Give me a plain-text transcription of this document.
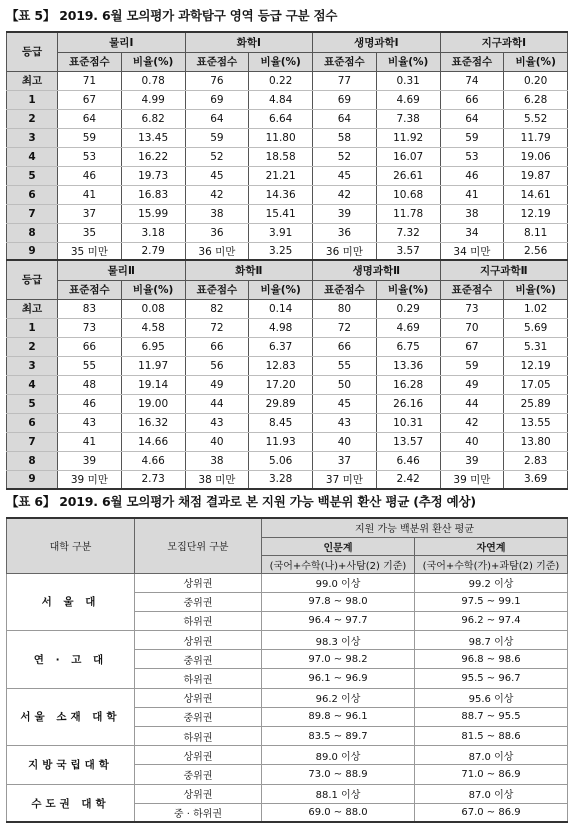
【표 5】 2019. 6월 모의평가 과학탐구 영역 등급 구분 점수
등급	물리Ⅰ		화학Ⅰ		생명과학Ⅰ		지구과학Ⅰ	
	표준점수	비율(%)	표준점수	비율(%)	표준점수	비율(%)	표준점수	비율(%)
최고	71	0.78	76	0.22	77	0.31	74	0.20
1	67	4.99	69	4.84	69	4.69	66	6.28
2	64	6.82	64	6.64	64	7.38	64	5.52
3	59	13.45	59	11.80	58	11.92	59	11.79
4	53	16.22	52	18.58	52	16.07	53	19.06
5	46	19.73	45	21.21	45	26.61	46	19.87
6	41	16.83	42	14.36	42	10.68	41	14.61
7	37	15.99	38	15.41	39	11.78	38	12.19
8	35	3.18	36	3.91	36	7.32	34	8.11
9	35 미만	2.79	36 미만	3.25	36 미만	3.57	34 미만	2.56
등급	물리Ⅱ		화학Ⅱ		생명과학Ⅱ		지구과학Ⅱ	
	표준점수	비율(%)	표준점수	비율(%)	표준점수	비율(%)	표준점수	비율(%)
최고	83	0.08	82	0.14	80	0.29	73	1.02
1	73	4.58	72	4.98	72	4.69	70	5.69
2	66	6.95	66	6.37	66	6.75	67	5.31
3	55	11.97	56	12.83	55	13.36	59	12.19
4	48	19.14	49	17.20	50	16.28	49	17.05
5	46	19.00	44	29.89	45	26.16	44	25.89
6	43	16.32	43	8.45	43	10.31	42	13.55
7	41	14.66	40	11.93	40	13.57	40	13.80
8	39	4.66	38	5.06	37	6.46	39	2.83
9	39 미만	2.73	38 미만	3.28	37 미만	2.42	39 미만	3.69
【표 6】 2019. 6월 모의평가 채점 결과로 본 지원 가능 백분위 환산 평균 (추정 예상)
대학 구분	모집단위 구분	지원 가능 백분위 환산 평균	
		인문계	자연계
		(국어+수학(나)+사탐(2) 기준)	(국어+수학(가)+과탐(2) 기준)
서 울 대	상위권	99.0 이상	99.2 이상
	중위권	97.8 ~ 98.0	97.5 ~ 99.1
	하위권	96.4 ~ 97.7	96.2 ~ 97.4
연 · 고 대	상위권	98.3 이상	98.7 이상
	중위권	97.0 ~ 98.2	96.8 ~ 98.6
	하위권	96.1 ~ 96.9	95.5 ~ 96.7
서울 소재 대학	상위권	96.2 이상	95.6 이상
	중위권	89.8 ~ 96.1	88.7 ~ 95.5
	하위권	83.5 ~ 89.7	81.5 ~ 88.6
지방국립대학	상위권	89.0 이상	87.0 이상
	중위권	73.0 ~ 88.9	71.0 ~ 86.9
수도권 대학	상위권	88.1 이상	87.0 이상
	중 · 하위권	69.0 ~ 88.0	67.0 ~ 86.9
